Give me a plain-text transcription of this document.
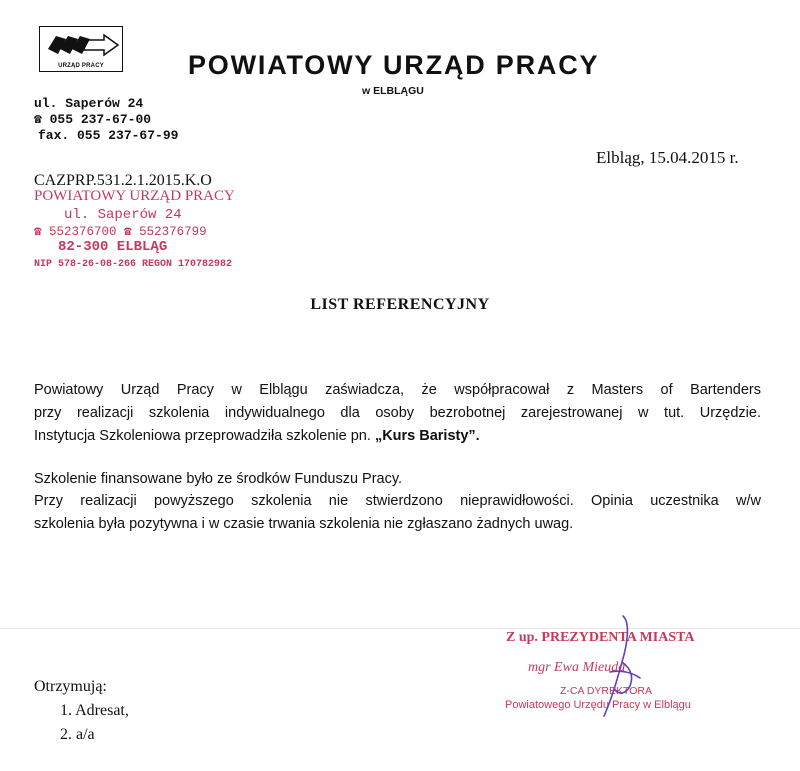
URZĄD PRACY	POWIATOWY URZĄD PRACY
w ELBLĄGU
ul. Saperów 24
☎ 055 237-67-00
fax. 055 237-67-99
Elbląg, 15.04.2015 r.
CAZPRP.531.2.1.2015.K.O
POWIATOWY URZĄD PRACY
ul. Saperów 24
☎ 552376700 ☎ 552376799
82-300 ELBLĄG
NIP 578-26-08-266 REGON 170782982
LIST REFERENCYJNY
Powiatowy Urząd Pracy w Elblągu zaświadcza, że współpracował z Masters of Bartenders
przy realizacji szkolenia indywidualnego dla osoby bezrobotnej zarejestrowanej w tut. Urzędzie.
Instytucja Szkoleniowa przeprowadziła szkolenie pn. „Kurs Baristy”.
Szkolenie finansowane było ze środków Funduszu Pracy.
Przy realizacji powyższego szkolenia nie stwierdzono nieprawidłowości. Opinia uczestnika w/w
szkolenia była pozytywna i w czasie trwania szkolenia nie zgłaszano żadnych uwag.
Z up. PREZYDENTA MIASTA
mgr Ewa Mieuda
Z-CA DYREKTORA
Powiatowego Urzędu Pracy w Elblągu
Otrzymują:
1. Adresat,
2. a/a
